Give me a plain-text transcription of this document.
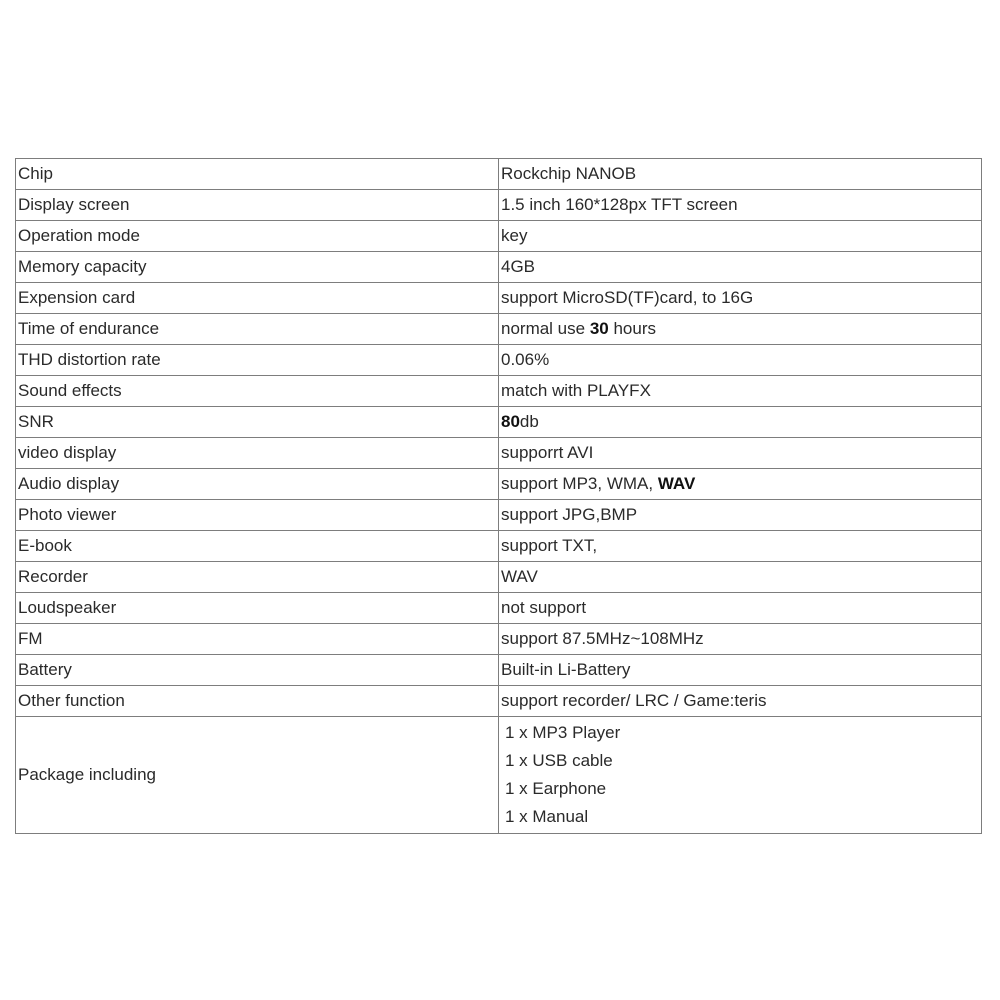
Chip	Rockchip NANOB
Display screen	1.5 inch 160*128px TFT screen
Operation mode	key
Memory capacity	4GB
Expension card	support MicroSD(TF)card, to 16G
Time of endurance	normal use 30 hours
THD distortion rate	0.06%
Sound effects	match with PLAYFX
SNR	80db
video display	supporrt AVI
Audio display	support MP3, WMA, WAV
Photo viewer	support JPG,BMP
E-book	support TXT,
Recorder	WAV
Loudspeaker	not support
FM	support 87.5MHz~108MHz
Battery	Built-in Li-Battery
Other function	support recorder/ LRC / Game:teris
Package including	1 x MP3 Player
1 x USB cable
1 x Earphone
1 x Manual
